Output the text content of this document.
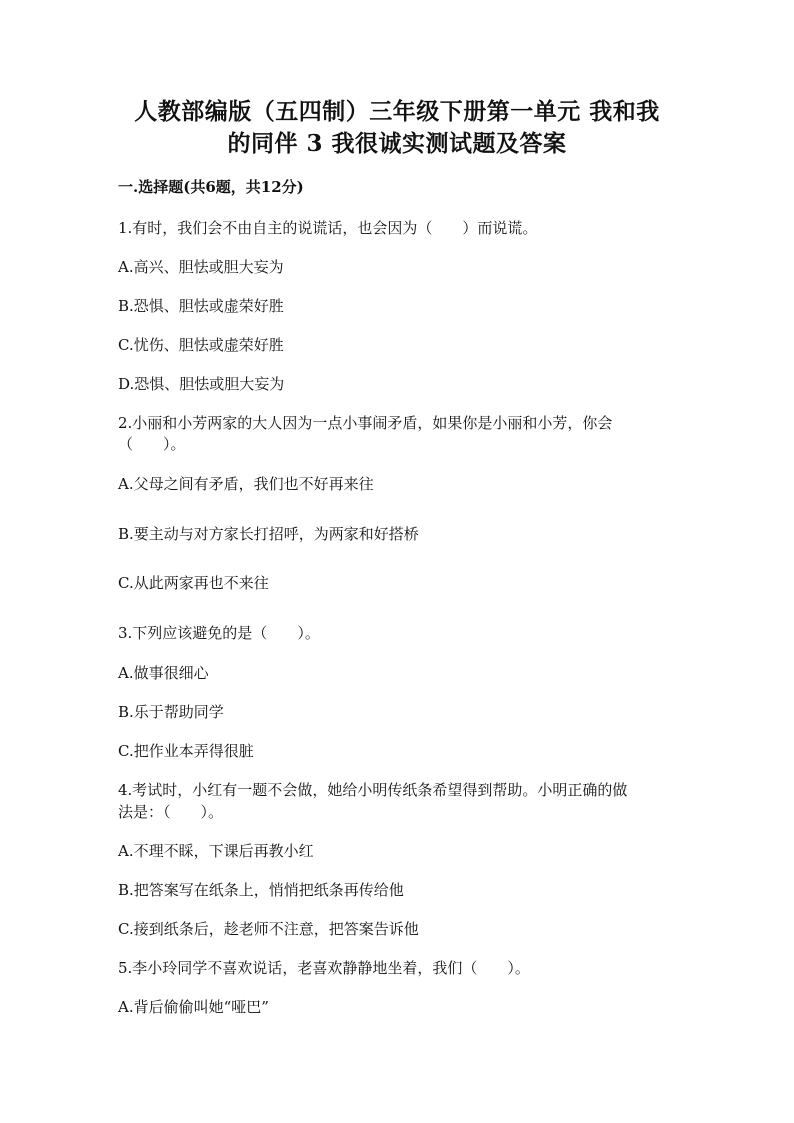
人教部编版（五四制）三年级下册第一单元 我和我
的同伴 3 我很诚实测试题及答案
一.选择题(共6题，共12分)
1.有时，我们会不由自主的说谎话，也会因为（　　）而说谎。
A.高兴、胆怯或胆大妄为
B.恐惧、胆怯或虚荣好胜
C.忧伤、胆怯或虚荣好胜
D.恐惧、胆怯或胆大妄为
2.小丽和小芳两家的大人因为一点小事闹矛盾，如果你是小丽和小芳，你会
（　　）。
A.父母之间有矛盾，我们也不好再来往
B.要主动与对方家长打招呼，为两家和好搭桥
C.从此两家再也不来往
3.下列应该避免的是（　　）。
A.做事很细心
B.乐于帮助同学
C.把作业本弄得很脏
4.考试时，小红有一题不会做，她给小明传纸条希望得到帮助。小明正确的做
法是：（　　）。
A.不理不睬，下课后再教小红
B.把答案写在纸条上，悄悄把纸条再传给他
C.接到纸条后，趁老师不注意，把答案告诉他
5.李小玲同学不喜欢说话，老喜欢静静地坐着，我们（　　）。
A.背后偷偷叫她“哑巴”
